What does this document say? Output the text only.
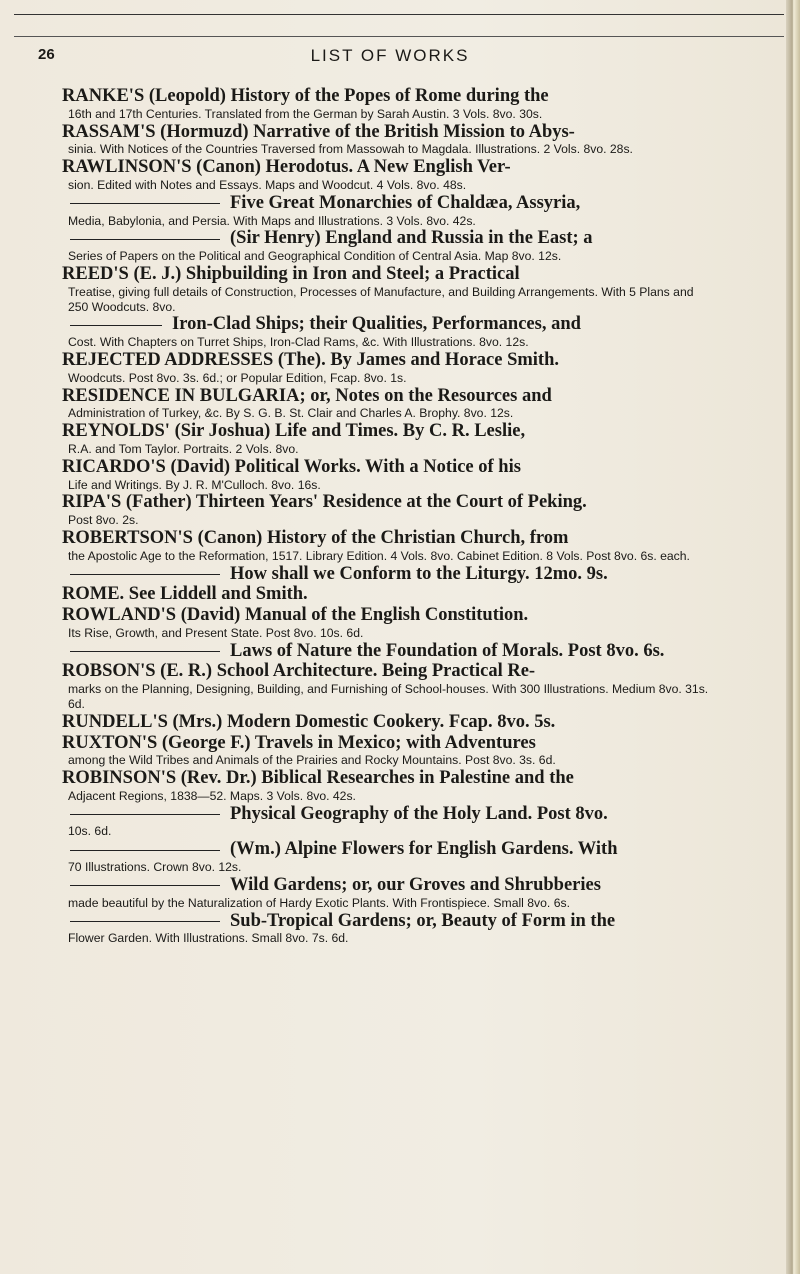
26	LIST OF WORKS
RANKE'S (Leopold) History of the Popes of Rome during the
16th and 17th Centuries. Translated from the German by Sarah Austin. 3 Vols. 8vo. 30s.
RASSAM'S (Hormuzd) Narrative of the British Mission to Abys-
sinia. With Notices of the Countries Traversed from Massowah to Magdala. Illustrations. 2 Vols. 8vo. 28s.
RAWLINSON'S (Canon) Herodotus. A New English Ver-
sion. Edited with Notes and Essays. Maps and Woodcut. 4 Vols. 8vo. 48s.
Five Great Monarchies of Chaldæa, Assyria,
Media, Babylonia, and Persia. With Maps and Illustrations. 3 Vols. 8vo. 42s.
(Sir Henry) England and Russia in the East; a
Series of Papers on the Political and Geographical Condition of Central Asia. Map 8vo. 12s.
REED'S (E. J.) Shipbuilding in Iron and Steel; a Practical
Treatise, giving full details of Construction, Processes of Manufacture, and Building Arrangements. With 5 Plans and 250 Woodcuts. 8vo.
Iron-Clad Ships; their Qualities, Performances, and
Cost. With Chapters on Turret Ships, Iron-Clad Rams, &c. With Illustrations. 8vo. 12s.
REJECTED ADDRESSES (The). By James and Horace Smith.
Woodcuts. Post 8vo. 3s. 6d.; or Popular Edition, Fcap. 8vo. 1s.
RESIDENCE IN BULGARIA; or, Notes on the Resources and
Administration of Turkey, &c. By S. G. B. St. Clair and Charles A. Brophy. 8vo. 12s.
REYNOLDS' (Sir Joshua) Life and Times. By C. R. Leslie,
R.A. and Tom Taylor. Portraits. 2 Vols. 8vo.
RICARDO'S (David) Political Works. With a Notice of his
Life and Writings. By J. R. M'Culloch. 8vo. 16s.
RIPA'S (Father) Thirteen Years' Residence at the Court of Peking.
Post 8vo. 2s.
ROBERTSON'S (Canon) History of the Christian Church, from
the Apostolic Age to the Reformation, 1517. Library Edition. 4 Vols. 8vo. Cabinet Edition. 8 Vols. Post 8vo. 6s. each.
How shall we Conform to the Liturgy. 12mo. 9s.
ROME. See Liddell and Smith.
ROWLAND'S (David) Manual of the English Constitution.
Its Rise, Growth, and Present State. Post 8vo. 10s. 6d.
Laws of Nature the Foundation of Morals. Post 8vo. 6s.
ROBSON'S (E. R.) School Architecture. Being Practical Re-
marks on the Planning, Designing, Building, and Furnishing of School-houses. With 300 Illustrations. Medium 8vo. 31s. 6d.
RUNDELL'S (Mrs.) Modern Domestic Cookery. Fcap. 8vo. 5s.
RUXTON'S (George F.) Travels in Mexico; with Adventures
among the Wild Tribes and Animals of the Prairies and Rocky Mountains. Post 8vo. 3s. 6d.
ROBINSON'S (Rev. Dr.) Biblical Researches in Palestine and the
Adjacent Regions, 1838—52. Maps. 3 Vols. 8vo. 42s.
Physical Geography of the Holy Land. Post 8vo.
10s. 6d.
(Wm.) Alpine Flowers for English Gardens. With
70 Illustrations. Crown 8vo. 12s.
Wild Gardens; or, our Groves and Shrubberies
made beautiful by the Naturalization of Hardy Exotic Plants. With Frontispiece. Small 8vo. 6s.
Sub-Tropical Gardens; or, Beauty of Form in the
Flower Garden. With Illustrations. Small 8vo. 7s. 6d.
